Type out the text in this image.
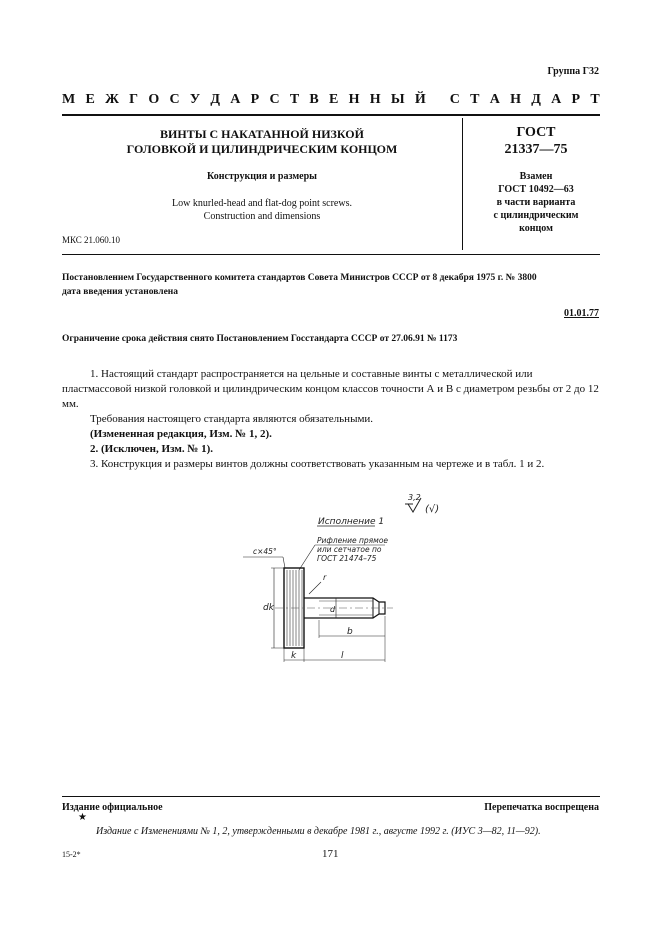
Группа Г32
М Е Ж Г О С У Д А Р С Т В Е Н Н Ы Й
С Т А Н Д А Р Т
ВИНТЫ С НАКАТАННОЙ НИЗКОЙ
ГОЛОВКОЙ И ЦИЛИНДРИЧЕСКИМ КОНЦОМ
Конструкция и размеры
Low knurled-head and flat-dog point screws.
Construction and dimensions
МКС 21.060.10
ГОСТ
21337—75
Взамен
ГОСТ 10492—63
в части варианта
с цилиндрическим
концом
Постановлением Государственного комитета стандартов Совета Министров СССР от 8 декабря 1975 г. № 3800
дата введения установлена
01.01.77
Ограничение срока действия снято Постановлением Госстандарта СССР от 27.06.91 № 1173

1. Настоящий стандарт распространяется на цельные и составные винты с металлической или пластмассовой низкой головкой и цилиндрическим концом классов точности А и В с диаметром резьбы от 2 до 12 мм.

Требования настоящего стандарта являются обязательными.

(Измененная редакция, Изм. № 1, 2).

2. (Исключен, Изм. № 1).

3. Конструкция и размеры винтов должны соответствовать указанным на чертеже и в табл. 1 и 2.

3,2
(√)
Исполнение 1
Рифление прямое
или сетчатое по
ГОСТ 21474–75
c×45°
r
dk	d
b
k	l
Издание официальное	Перепечатка воспрещена
★
Издание с Изменениями № 1, 2, утвержденными в декабре 1981 г., августе 1992 г. (ИУС 3—82, 11—92).
15-2*	171
